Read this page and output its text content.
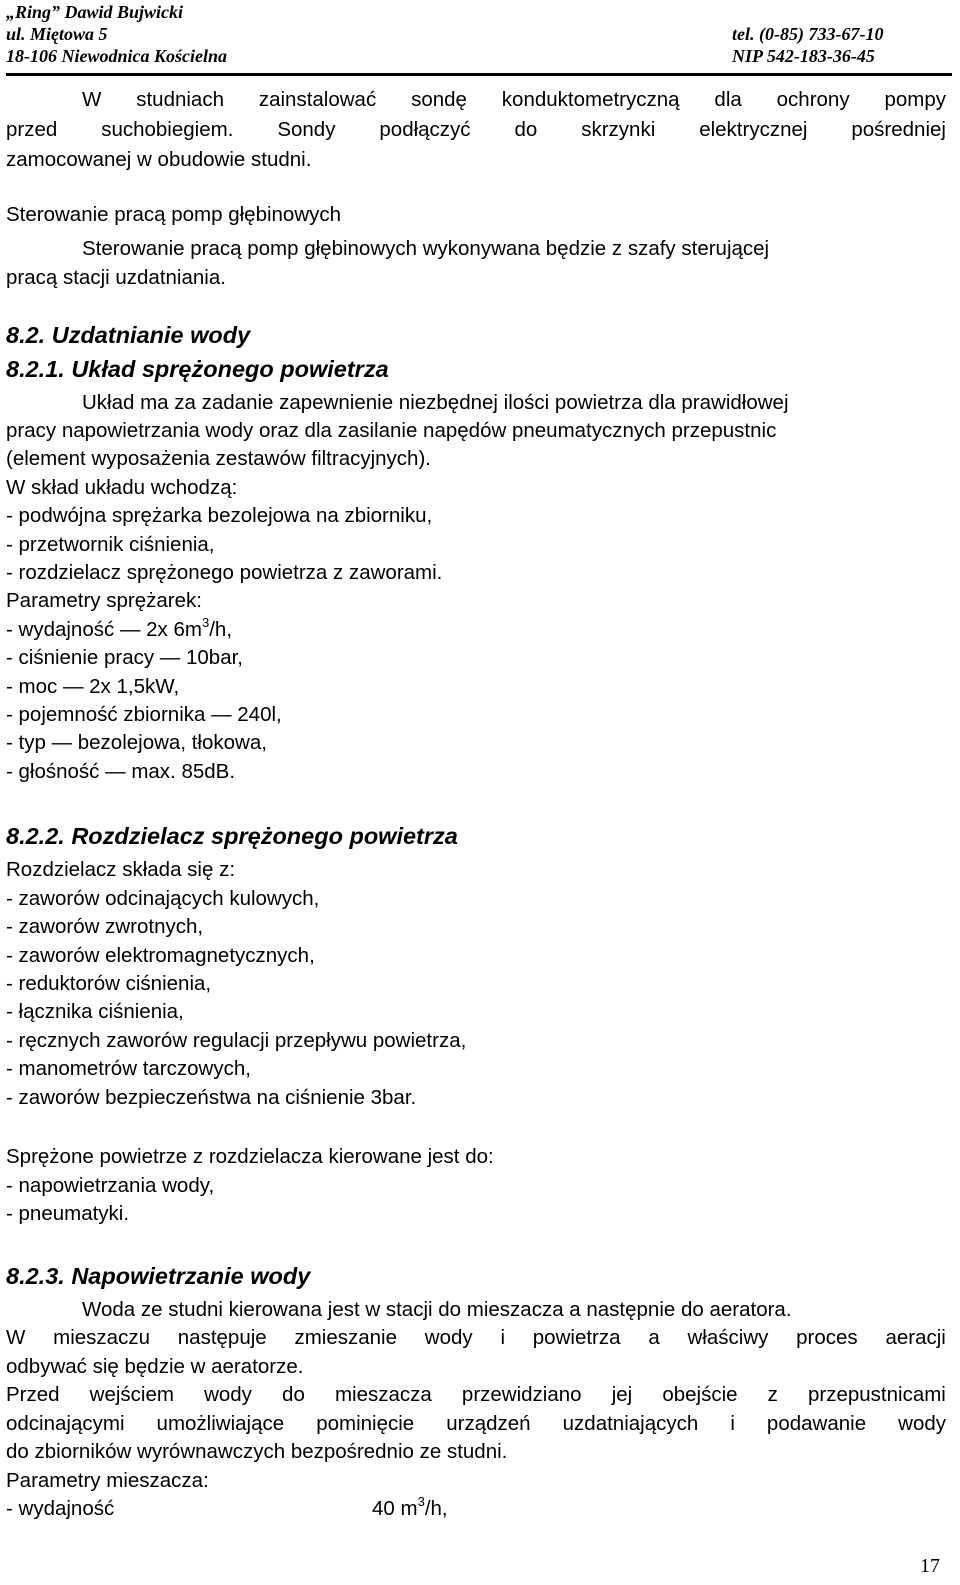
„Ring” Dawid Bujwicki
ul. Miętowa 5	tel. (0-85) 733-67-10
18-106 Niewodnica Kościelna	NIP 542-183-36-45
W studniach zainstalować sondę konduktometryczną dla ochrony pompy
przed suchobiegiem. Sondy podłączyć do skrzynki elektrycznej pośredniej
zamocowanej w obudowie studni.
Sterowanie pracą pomp głębinowych
Sterowanie pracą pomp głębinowych wykonywana będzie z szafy sterującej
pracą stacji uzdatniania.
8.2. Uzdatnianie wody
8.2.1. Układ sprężonego powietrza
Układ ma za zadanie zapewnienie niezbędnej ilości powietrza dla prawidłowej
pracy napowietrzania wody oraz dla zasilanie napędów pneumatycznych przepustnic
(element wyposażenia zestawów filtracyjnych).
W skład układu wchodzą:
- podwójna sprężarka bezolejowa na zbiorniku,
- przetwornik ciśnienia,
- rozdzielacz sprężonego powietrza z zaworami.
Parametry sprężarek:
- wydajność — 2x $6m^3/h$,
- ciśnienie pracy — 10bar,
- moc — 2x 1,5kW,
- pojemność zbiornika — 240l,
- typ — bezolejowa, tłokowa,
- głośność — max. 85dB.
8.2.2. Rozdzielacz sprężonego powietrza
Rozdzielacz składa się z:
- zaworów odcinających kulowych,
- zaworów zwrotnych,
- zaworów elektromagnetycznych,
- reduktorów ciśnienia,
- łącznika ciśnienia,
- ręcznych zaworów regulacji przepływu powietrza,
- manometrów tarczowych,
- zaworów bezpieczeństwa na ciśnienie 3bar.
Sprężone powietrze z rozdzielacza kierowane jest do:
- napowietrzania wody,
- pneumatyki.
8.2.3. Napowietrzanie wody
Woda ze studni kierowana jest w stacji do mieszacza a następnie do aeratora.
W mieszaczu następuje zmieszanie wody i powietrza a właściwy proces aeracji
odbywać się będzie w aeratorze.
Przed wejściem wody do mieszacza przewidziano jej obejście z przepustnicami
odcinającymi umożliwiające pominięcie urządzeń uzdatniających i podawanie wody
do zbiorników wyrównawczych bezpośrednio ze studni.
Parametry mieszacza:
- wydajność	40 $m^3/h$,
17
